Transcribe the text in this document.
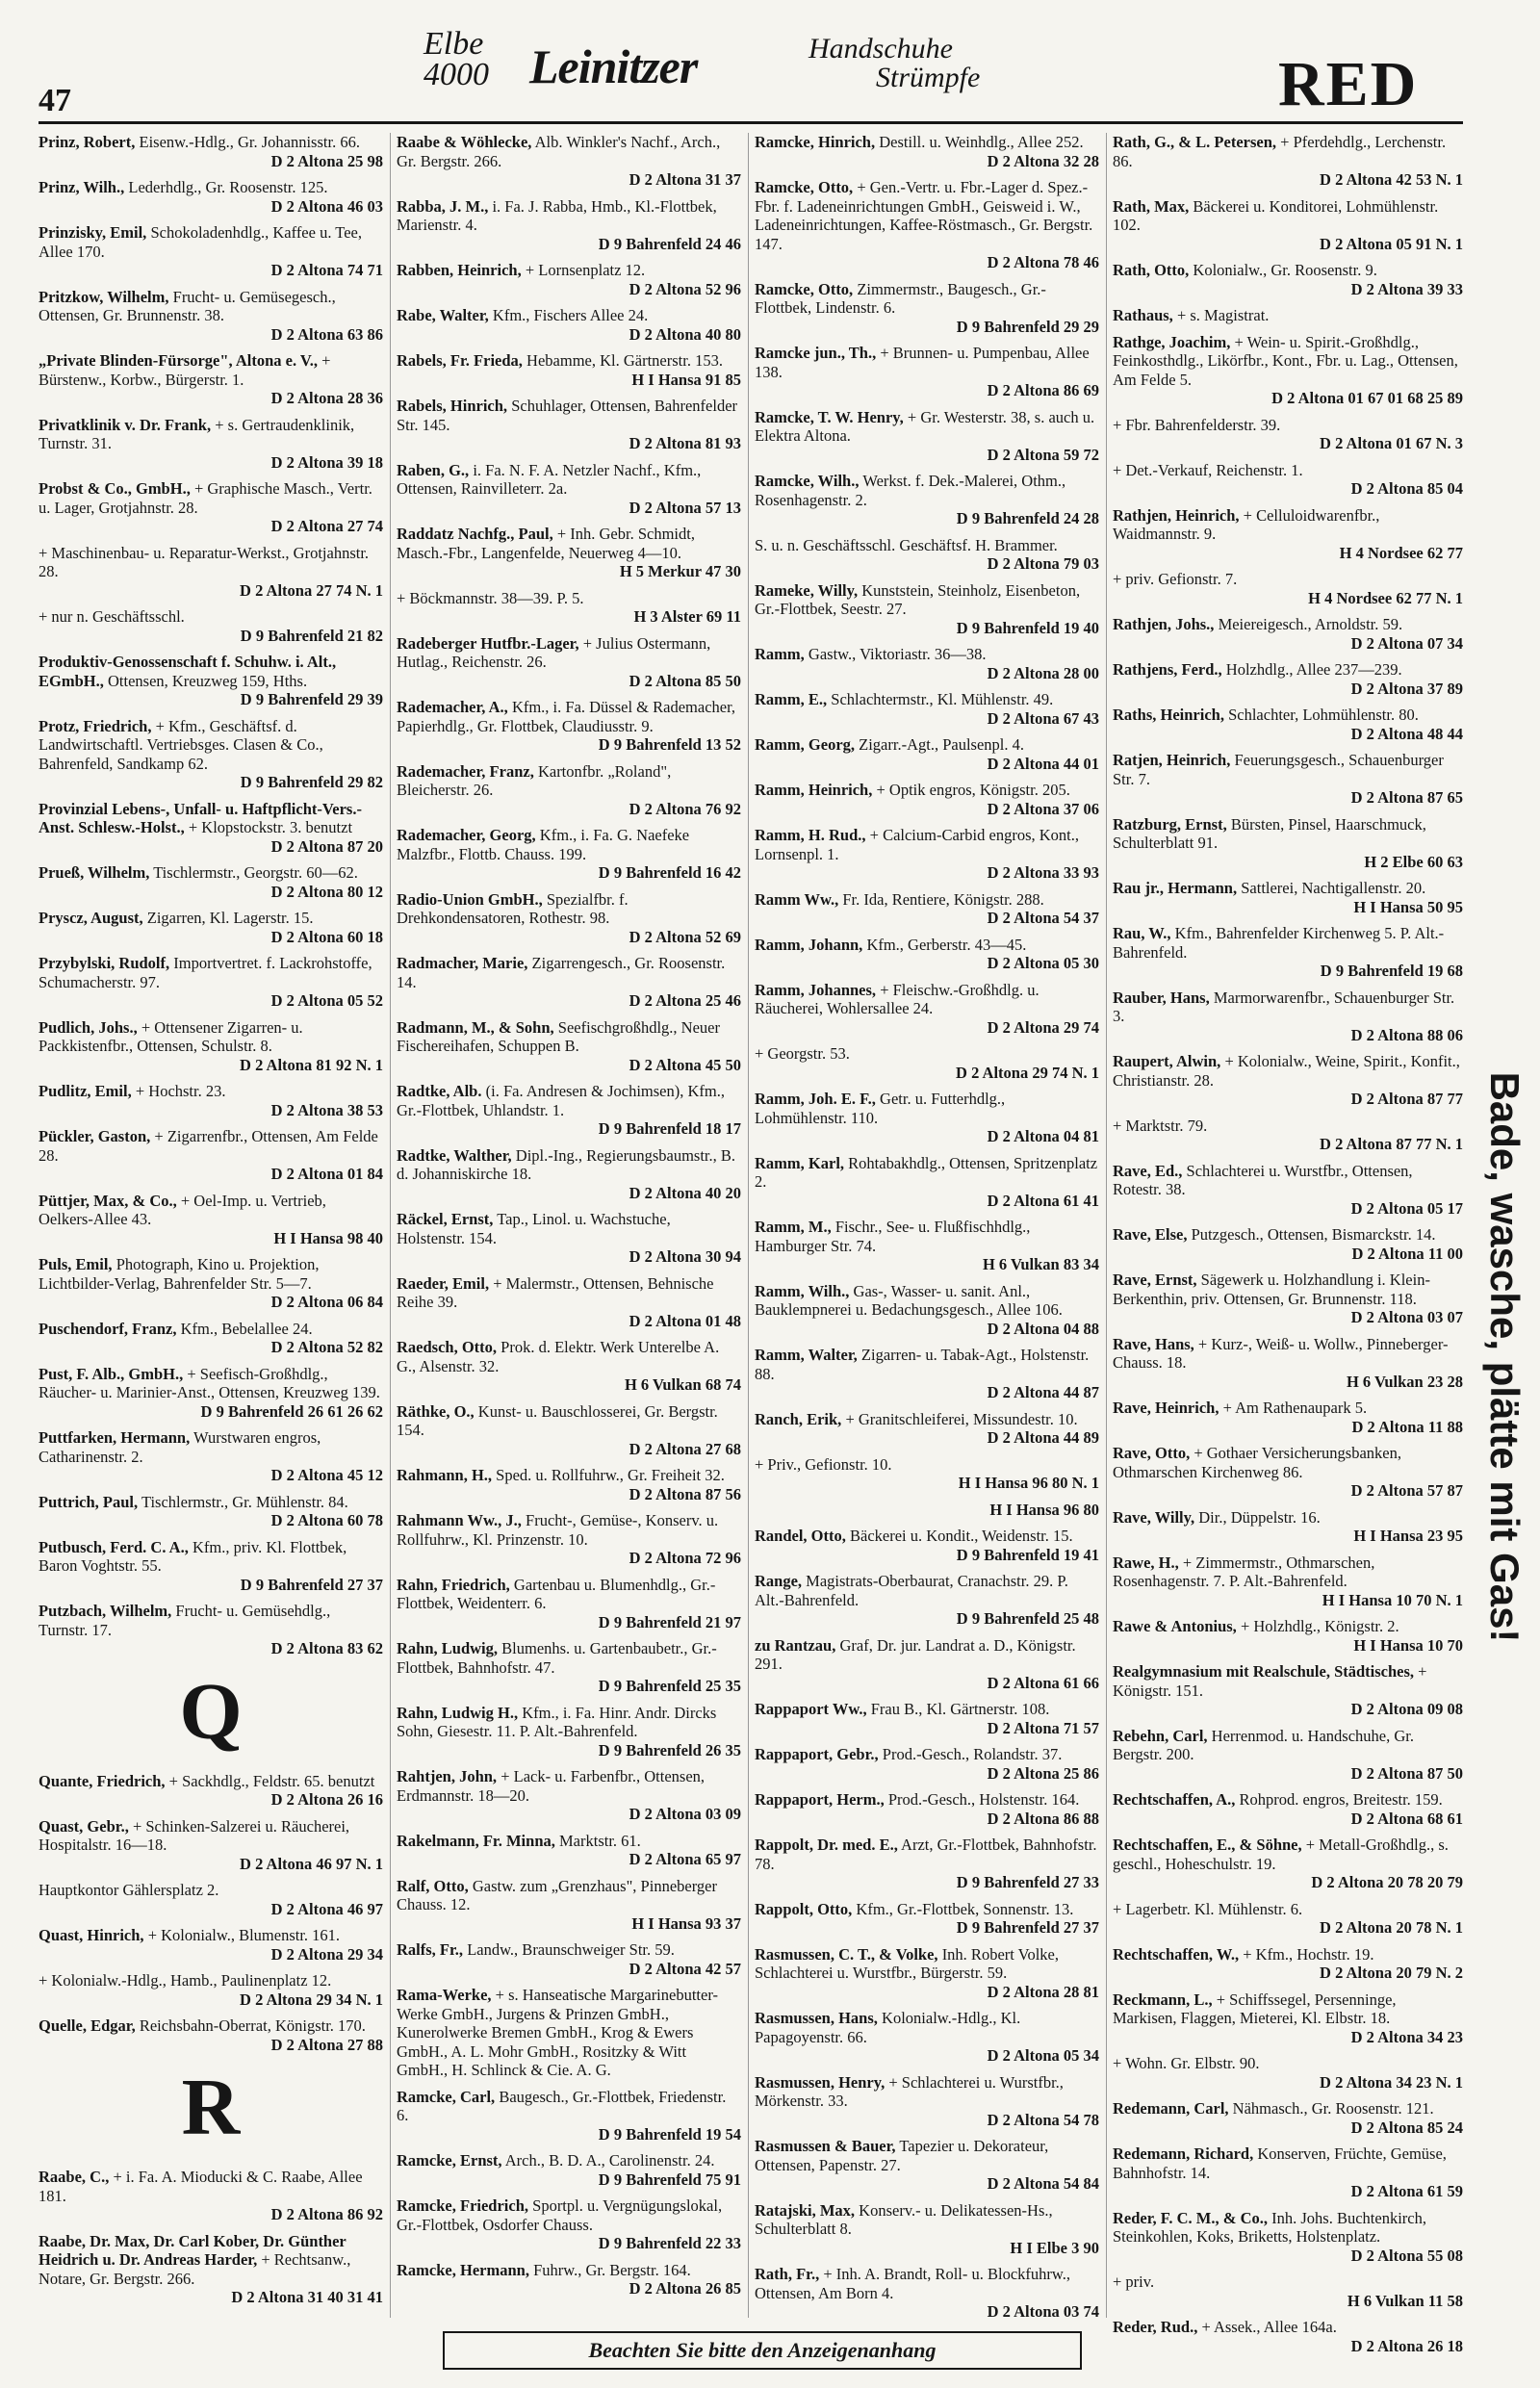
47
Elbe
4000 Leinitzer	Handschuhe
Strümpfe	RED
Prinz, Robert, Eisenw.-Hdlg., Gr. Johannisstr. 66.
D 2 Altona 25 98
Prinz, Wilh., Lederhdlg., Gr. Roosenstr. 125.
D 2 Altona 46 03
Prinzisky, Emil, Schokoladenhdlg., Kaffee u. Tee, Allee 170.
D 2 Altona 74 71
Pritzkow, Wilhelm, Frucht- u. Gemüsegesch., Ottensen, Gr. Brunnenstr. 38.
D 2 Altona 63 86
„Private Blinden-Fürsorge", Altona e. V., + Bürstenw., Korbw., Bürgerstr. 1.
D 2 Altona 28 36
Privatklinik v. Dr. Frank, + s. Gertraudenklinik, Turnstr. 31.
D 2 Altona 39 18
Probst & Co., GmbH., + Graphische Masch., Vertr. u. Lager, Grotjahnstr. 28.
D 2 Altona 27 74
+ Maschinenbau- u. Reparatur-Werkst., Grotjahnstr. 28.
D 2 Altona 27 74 N. 1
+ nur n. Geschäftsschl.
D 9 Bahrenfeld 21 82
Produktiv-Genossenschaft f. Schuhw. i. Alt., EGmbH., Ottensen, Kreuzweg 159, Hths.
D 9 Bahrenfeld 29 39
Protz, Friedrich, + Kfm., Geschäftsf. d. Landwirtschaftl. Vertriebsges. Clasen & Co., Bahrenfeld, Sandkamp 62.
D 9 Bahrenfeld 29 82
Provinzial Lebens-, Unfall- u. Haftpflicht-Vers.-Anst. Schlesw.-Holst., + Klopstockstr. 3. benutzt
D 2 Altona 87 20
Prueß, Wilhelm, Tischlermstr., Georgstr. 60—62.
D 2 Altona 80 12
Pryscz, August, Zigarren, Kl. Lagerstr. 15.
D 2 Altona 60 18
Przybylski, Rudolf, Importvertret. f. Lackrohstoffe, Schumacherstr. 97.
D 2 Altona 05 52
Pudlich, Johs., + Ottensener Zigarren- u. Packkistenfbr., Ottensen, Schulstr. 8.
D 2 Altona 81 92 N. 1
Pudlitz, Emil, + Hochstr. 23.
D 2 Altona 38 53
Pückler, Gaston, + Zigarrenfbr., Ottensen, Am Felde 28.
D 2 Altona 01 84
Püttjer, Max, & Co., + Oel-Imp. u. Vertrieb, Oelkers-Allee 43.
H I Hansa 98 40
Puls, Emil, Photograph, Kino u. Projektion, Lichtbilder-Verlag, Bahrenfelder Str. 5—7.
D 2 Altona 06 84
Puschendorf, Franz, Kfm., Bebelallee 24.
D 2 Altona 52 82
Pust, F. Alb., GmbH., + Seefisch-Großhdlg., Räucher- u. Marinier-Anst., Ottensen, Kreuzweg 139.
D 9 Bahrenfeld 26 61 26 62
Puttfarken, Hermann, Wurstwaren engros, Catharinenstr. 2.
D 2 Altona 45 12
Puttrich, Paul, Tischlermstr., Gr. Mühlenstr. 84.
D 2 Altona 60 78
Putbusch, Ferd. C. A., Kfm., priv. Kl. Flottbek, Baron Voghtstr. 55.
D 9 Bahrenfeld 27 37
Putzbach, Wilhelm, Frucht- u. Gemüsehdlg., Turnstr. 17.
D 2 Altona 83 62
Q
Quante, Friedrich, + Sackhdlg., Feldstr. 65. benutzt
D 2 Altona 26 16
Quast, Gebr., + Schinken-Salzerei u. Räucherei, Hospitalstr. 16—18.
D 2 Altona 46 97 N. 1
Hauptkontor Gählersplatz 2.
D 2 Altona 46 97
Quast, Hinrich, + Kolonialw., Blumenstr. 161.
D 2 Altona 29 34
+ Kolonialw.-Hdlg., Hamb., Paulinenplatz 12.
D 2 Altona 29 34 N. 1
Quelle, Edgar, Reichsbahn-Oberrat, Königstr. 170.
D 2 Altona 27 88
R
Raabe, C., + i. Fa. A. Mioducki & C. Raabe, Allee 181.
D 2 Altona 86 92
Raabe, Dr. Max, Dr. Carl Kober, Dr. Günther Heidrich u. Dr. Andreas Harder, + Rechtsanw., Notare, Gr. Bergstr. 266.
D 2 Altona 31 40 31 41
Raabe & Wöhlecke, Alb. Winkler's Nachf., Arch., Gr. Bergstr. 266.
D 2 Altona 31 37
Rabba, J. M., i. Fa. J. Rabba, Hmb., Kl.-Flottbek, Marienstr. 4.
D 9 Bahrenfeld 24 46
Rabben, Heinrich, + Lornsenplatz 12.
D 2 Altona 52 96
Rabe, Walter, Kfm., Fischers Allee 24.
D 2 Altona 40 80
Rabels, Fr. Frieda, Hebamme, Kl. Gärtnerstr. 153.
H I Hansa 91 85
Rabels, Hinrich, Schuhlager, Ottensen, Bahrenfelder Str. 145.
D 2 Altona 81 93
Raben, G., i. Fa. N. F. A. Netzler Nachf., Kfm., Ottensen, Rainvilleterr. 2a.
D 2 Altona 57 13
Raddatz Nachfg., Paul, + Inh. Gebr. Schmidt, Masch.-Fbr., Langenfelde, Neuerweg 4—10.
H 5 Merkur 47 30
+ Böckmannstr. 38—39. P. 5.
H 3 Alster 69 11
Radeberger Hutfbr.-Lager, + Julius Ostermann, Hutlag., Reichenstr. 26.
D 2 Altona 85 50
Rademacher, A., Kfm., i. Fa. Düssel & Rademacher, Papierhdlg., Gr. Flottbek, Claudiusstr. 9.
D 9 Bahrenfeld 13 52
Rademacher, Franz, Kartonfbr. „Roland", Bleicherstr. 26.
D 2 Altona 76 92
Rademacher, Georg, Kfm., i. Fa. G. Naefeke Malzfbr., Flottb. Chauss. 199.
D 9 Bahrenfeld 16 42
Radio-Union GmbH., Spezialfbr. f. Drehkondensatoren, Rothestr. 98.
D 2 Altona 52 69
Radmacher, Marie, Zigarrengesch., Gr. Roosenstr. 14.
D 2 Altona 25 46
Radmann, M., & Sohn, Seefischgroßhdlg., Neuer Fischereihafen, Schuppen B.
D 2 Altona 45 50
Radtke, Alb. (i. Fa. Andresen & Jochimsen), Kfm., Gr.-Flottbek, Uhlandstr. 1.
D 9 Bahrenfeld 18 17
Radtke, Walther, Dipl.-Ing., Regierungsbaumstr., B. d. Johanniskirche 18.
D 2 Altona 40 20
Räckel, Ernst, Tap., Linol. u. Wachstuche, Holstenstr. 154.
D 2 Altona 30 94
Raeder, Emil, + Malermstr., Ottensen, Behnische Reihe 39.
D 2 Altona 01 48
Raedsch, Otto, Prok. d. Elektr. Werk Unterelbe A. G., Alsenstr. 32.
H 6 Vulkan 68 74
Räthke, O., Kunst- u. Bauschlosserei, Gr. Bergstr. 154.
D 2 Altona 27 68
Rahmann, H., Sped. u. Rollfuhrw., Gr. Freiheit 32.
D 2 Altona 87 56
Rahmann Ww., J., Frucht-, Gemüse-, Konserv. u. Rollfuhrw., Kl. Prinzenstr. 10.
D 2 Altona 72 96
Rahn, Friedrich, Gartenbau u. Blumenhdlg., Gr.-Flottbek, Weidenterr. 6.
D 9 Bahrenfeld 21 97
Rahn, Ludwig, Blumenhs. u. Gartenbaubetr., Gr.-Flottbek, Bahnhofstr. 47.
D 9 Bahrenfeld 25 35
Rahn, Ludwig H., Kfm., i. Fa. Hinr. Andr. Dircks Sohn, Giesestr. 11. P. Alt.-Bahrenfeld.
D 9 Bahrenfeld 26 35
Rahtjen, John, + Lack- u. Farbenfbr., Ottensen, Erdmannstr. 18—20.
D 2 Altona 03 09
Rakelmann, Fr. Minna, Marktstr. 61.
D 2 Altona 65 97
Ralf, Otto, Gastw. zum „Grenzhaus", Pinneberger Chauss. 12.
H I Hansa 93 37
Ralfs, Fr., Landw., Braunschweiger Str. 59.
D 2 Altona 42 57
Rama-Werke, + s. Hanseatische Margarinebutter-Werke GmbH., Jurgens & Prinzen GmbH., Kunerolwerke Bremen GmbH., Krog & Ewers GmbH., A. L. Mohr GmbH., Rositzky & Witt GmbH., H. Schlinck & Cie. A. G.
Ramcke, Carl, Baugesch., Gr.-Flottbek, Friedenstr. 6.
D 9 Bahrenfeld 19 54
Ramcke, Ernst, Arch., B. D. A., Carolinenstr. 24.
D 9 Bahrenfeld 75 91
Ramcke, Friedrich, Sportpl. u. Vergnügungslokal, Gr.-Flottbek, Osdorfer Chauss.
D 9 Bahrenfeld 22 33
Ramcke, Hermann, Fuhrw., Gr. Bergstr. 164.
D 2 Altona 26 85
Ramcke, Hinrich, Destill. u. Weinhdlg., Allee 252.
D 2 Altona 32 28
Ramcke, Otto, + Gen.-Vertr. u. Fbr.-Lager d. Spez.-Fbr. f. Ladeneinrichtungen GmbH., Geisweid i. W., Ladeneinrichtungen, Kaffee-Röstmasch., Gr. Bergstr. 147.
D 2 Altona 78 46
Ramcke, Otto, Zimmermstr., Baugesch., Gr.-Flottbek, Lindenstr. 6.
D 9 Bahrenfeld 29 29
Ramcke jun., Th., + Brunnen- u. Pumpenbau, Allee 138.
D 2 Altona 86 69
Ramcke, T. W. Henry, + Gr. Westerstr. 38, s. auch u. Elektra Altona.
D 2 Altona 59 72
Ramcke, Wilh., Werkst. f. Dek.-Malerei, Othm., Rosenhagenstr. 2.
D 9 Bahrenfeld 24 28
S. u. n. Geschäftsschl. Geschäftsf. H. Brammer.
D 2 Altona 79 03
Rameke, Willy, Kunststein, Steinholz, Eisenbeton, Gr.-Flottbek, Seestr. 27.
D 9 Bahrenfeld 19 40
Ramm, Gastw., Viktoriastr. 36—38.
D 2 Altona 28 00
Ramm, E., Schlachtermstr., Kl. Mühlenstr. 49.
D 2 Altona 67 43
Ramm, Georg, Zigarr.-Agt., Paulsenpl. 4.
D 2 Altona 44 01
Ramm, Heinrich, + Optik engros, Königstr. 205.
D 2 Altona 37 06
Ramm, H. Rud., + Calcium-Carbid engros, Kont., Lornsenpl. 1.
D 2 Altona 33 93
Ramm Ww., Fr. Ida, Rentiere, Königstr. 288.
D 2 Altona 54 37
Ramm, Johann, Kfm., Gerberstr. 43—45.
D 2 Altona 05 30
Ramm, Johannes, + Fleischw.-Großhdlg. u. Räucherei, Wohlersallee 24.
D 2 Altona 29 74
+ Georgstr. 53.
D 2 Altona 29 74 N. 1
Ramm, Joh. E. F., Getr. u. Futterhdlg., Lohmühlenstr. 110.
D 2 Altona 04 81
Ramm, Karl, Rohtabakhdlg., Ottensen, Spritzenplatz 2.
D 2 Altona 61 41
Ramm, M., Fischr., See- u. Flußfischhdlg., Hamburger Str. 74.
H 6 Vulkan 83 34
Ramm, Wilh., Gas-, Wasser- u. sanit. Anl., Bauklempnerei u. Bedachungsgesch., Allee 106.
D 2 Altona 04 88
Ramm, Walter, Zigarren- u. Tabak-Agt., Holstenstr. 88.
D 2 Altona 44 87
Ranch, Erik, + Granitschleiferei, Missundestr. 10.
D 2 Altona 44 89
+ Priv., Gefionstr. 10.
H I Hansa 96 80 N. 1
H I Hansa 96 80
Randel, Otto, Bäckerei u. Kondit., Weidenstr. 15.
D 9 Bahrenfeld 19 41
Range, Magistrats-Oberbaurat, Cranachstr. 29. P. Alt.-Bahrenfeld.
D 9 Bahrenfeld 25 48
zu Rantzau, Graf, Dr. jur. Landrat a. D., Königstr. 291.
D 2 Altona 61 66
Rappaport Ww., Frau B., Kl. Gärtnerstr. 108.
D 2 Altona 71 57
Rappaport, Gebr., Prod.-Gesch., Rolandstr. 37.
D 2 Altona 25 86
Rappaport, Herm., Prod.-Gesch., Holstenstr. 164.
D 2 Altona 86 88
Rappolt, Dr. med. E., Arzt, Gr.-Flottbek, Bahnhofstr. 78.
D 9 Bahrenfeld 27 33
Rappolt, Otto, Kfm., Gr.-Flottbek, Sonnenstr. 13.
D 9 Bahrenfeld 27 37
Rasmussen, C. T., & Volke, Inh. Robert Volke, Schlachterei u. Wurstfbr., Bürgerstr. 59.
D 2 Altona 28 81
Rasmussen, Hans, Kolonialw.-Hdlg., Kl. Papagoyenstr. 66.
D 2 Altona 05 34
Rasmussen, Henry, + Schlachterei u. Wurstfbr., Mörkenstr. 33.
D 2 Altona 54 78
Rasmussen & Bauer, Tapezier u. Dekorateur, Ottensen, Papenstr. 27.
D 2 Altona 54 84
Ratajski, Max, Konserv.- u. Delikatessen-Hs., Schulterblatt 8.
H I Elbe 3 90
Rath, Fr., + Inh. A. Brandt, Roll- u. Blockfuhrw., Ottensen, Am Born 4.
D 2 Altona 03 74
Rath, G., & L. Petersen, + Pferdehdlg., Lerchenstr. 86.
D 2 Altona 42 53 N. 1
Rath, Max, Bäckerei u. Konditorei, Lohmühlenstr. 102.
D 2 Altona 05 91 N. 1
Rath, Otto, Kolonialw., Gr. Roosenstr. 9.
D 2 Altona 39 33
Rathaus, + s. Magistrat.
Rathge, Joachim, + Wein- u. Spirit.-Großhdlg., Feinkosthdlg., Likörfbr., Kont., Fbr. u. Lag., Ottensen, Am Felde 5.
D 2 Altona 01 67 01 68 25 89
+ Fbr. Bahrenfelderstr. 39.
D 2 Altona 01 67 N. 3
+ Det.-Verkauf, Reichenstr. 1.
D 2 Altona 85 04
Rathjen, Heinrich, + Celluloidwarenfbr., Waidmannstr. 9.
H 4 Nordsee 62 77
+ priv. Gefionstr. 7.
H 4 Nordsee 62 77 N. 1
Rathjen, Johs., Meiereigesch., Arnoldstr. 59.
D 2 Altona 07 34
Rathjens, Ferd., Holzhdlg., Allee 237—239.
D 2 Altona 37 89
Raths, Heinrich, Schlachter, Lohmühlenstr. 80.
D 2 Altona 48 44
Ratjen, Heinrich, Feuerungsgesch., Schauenburger Str. 7.
D 2 Altona 87 65
Ratzburg, Ernst, Bürsten, Pinsel, Haarschmuck, Schulterblatt 91.
H 2 Elbe 60 63
Rau jr., Hermann, Sattlerei, Nachtigallenstr. 20.
H I Hansa 50 95
Rau, W., Kfm., Bahrenfelder Kirchenweg 5. P. Alt.-Bahrenfeld.
D 9 Bahrenfeld 19 68
Rauber, Hans, Marmorwarenfbr., Schauenburger Str. 3.
D 2 Altona 88 06
Raupert, Alwin, + Kolonialw., Weine, Spirit., Konfit., Christianstr. 28.
D 2 Altona 87 77
+ Marktstr. 79.
D 2 Altona 87 77 N. 1
Rave, Ed., Schlachterei u. Wurstfbr., Ottensen, Rotestr. 38.
D 2 Altona 05 17
Rave, Else, Putzgesch., Ottensen, Bismarckstr. 14.
D 2 Altona 11 00
Rave, Ernst, Sägewerk u. Holzhandlung i. Klein-Berkenthin, priv. Ottensen, Gr. Brunnenstr. 118.
D 2 Altona 03 07
Rave, Hans, + Kurz-, Weiß- u. Wollw., Pinneberger-Chauss. 18.
H 6 Vulkan 23 28
Rave, Heinrich, + Am Rathenaupark 5.
D 2 Altona 11 88
Rave, Otto, + Gothaer Versicherungsbanken, Othmarschen Kirchenweg 86.
D 2 Altona 57 87
Rave, Willy, Dir., Düppelstr. 16.
H I Hansa 23 95
Rawe, H., + Zimmermstr., Othmarschen, Rosenhagenstr. 7. P. Alt.-Bahrenfeld.
H I Hansa 10 70 N. 1
Rawe & Antonius, + Holzhdlg., Königstr. 2.
H I Hansa 10 70
Realgymnasium mit Realschule, Städtisches, + Königstr. 151.
D 2 Altona 09 08
Rebehn, Carl, Herrenmod. u. Handschuhe, Gr. Bergstr. 200.
D 2 Altona 87 50
Rechtschaffen, A., Rohprod. engros, Breitestr. 159.
D 2 Altona 68 61
Rechtschaffen, E., & Söhne, + Metall-Großhdlg., s. geschl., Hoheschulstr. 19.
D 2 Altona 20 78 20 79
+ Lagerbetr. Kl. Mühlenstr. 6.
D 2 Altona 20 78 N. 1
Rechtschaffen, W., + Kfm., Hochstr. 19.
D 2 Altona 20 79 N. 2
Reckmann, L., + Schiffssegel, Persenninge, Markisen, Flaggen, Mieterei, Kl. Elbstr. 18.
D 2 Altona 34 23
+ Wohn. Gr. Elbstr. 90.
D 2 Altona 34 23 N. 1
Redemann, Carl, Nähmasch., Gr. Roosenstr. 121.
D 2 Altona 85 24
Redemann, Richard, Konserven, Früchte, Gemüse, Bahnhofstr. 14.
D 2 Altona 61 59
Reder, F. C. M., & Co., Inh. Johs. Buchtenkirch, Steinkohlen, Koks, Briketts, Holstenplatz.
D 2 Altona 55 08
+ priv.
H 6 Vulkan 11 58
Reder, Rud., + Assek., Allee 164a.
D 2 Altona 26 18
Bade, wasche, plätte mit Gas!
Beachten Sie bitte den Anzeigenanhang
